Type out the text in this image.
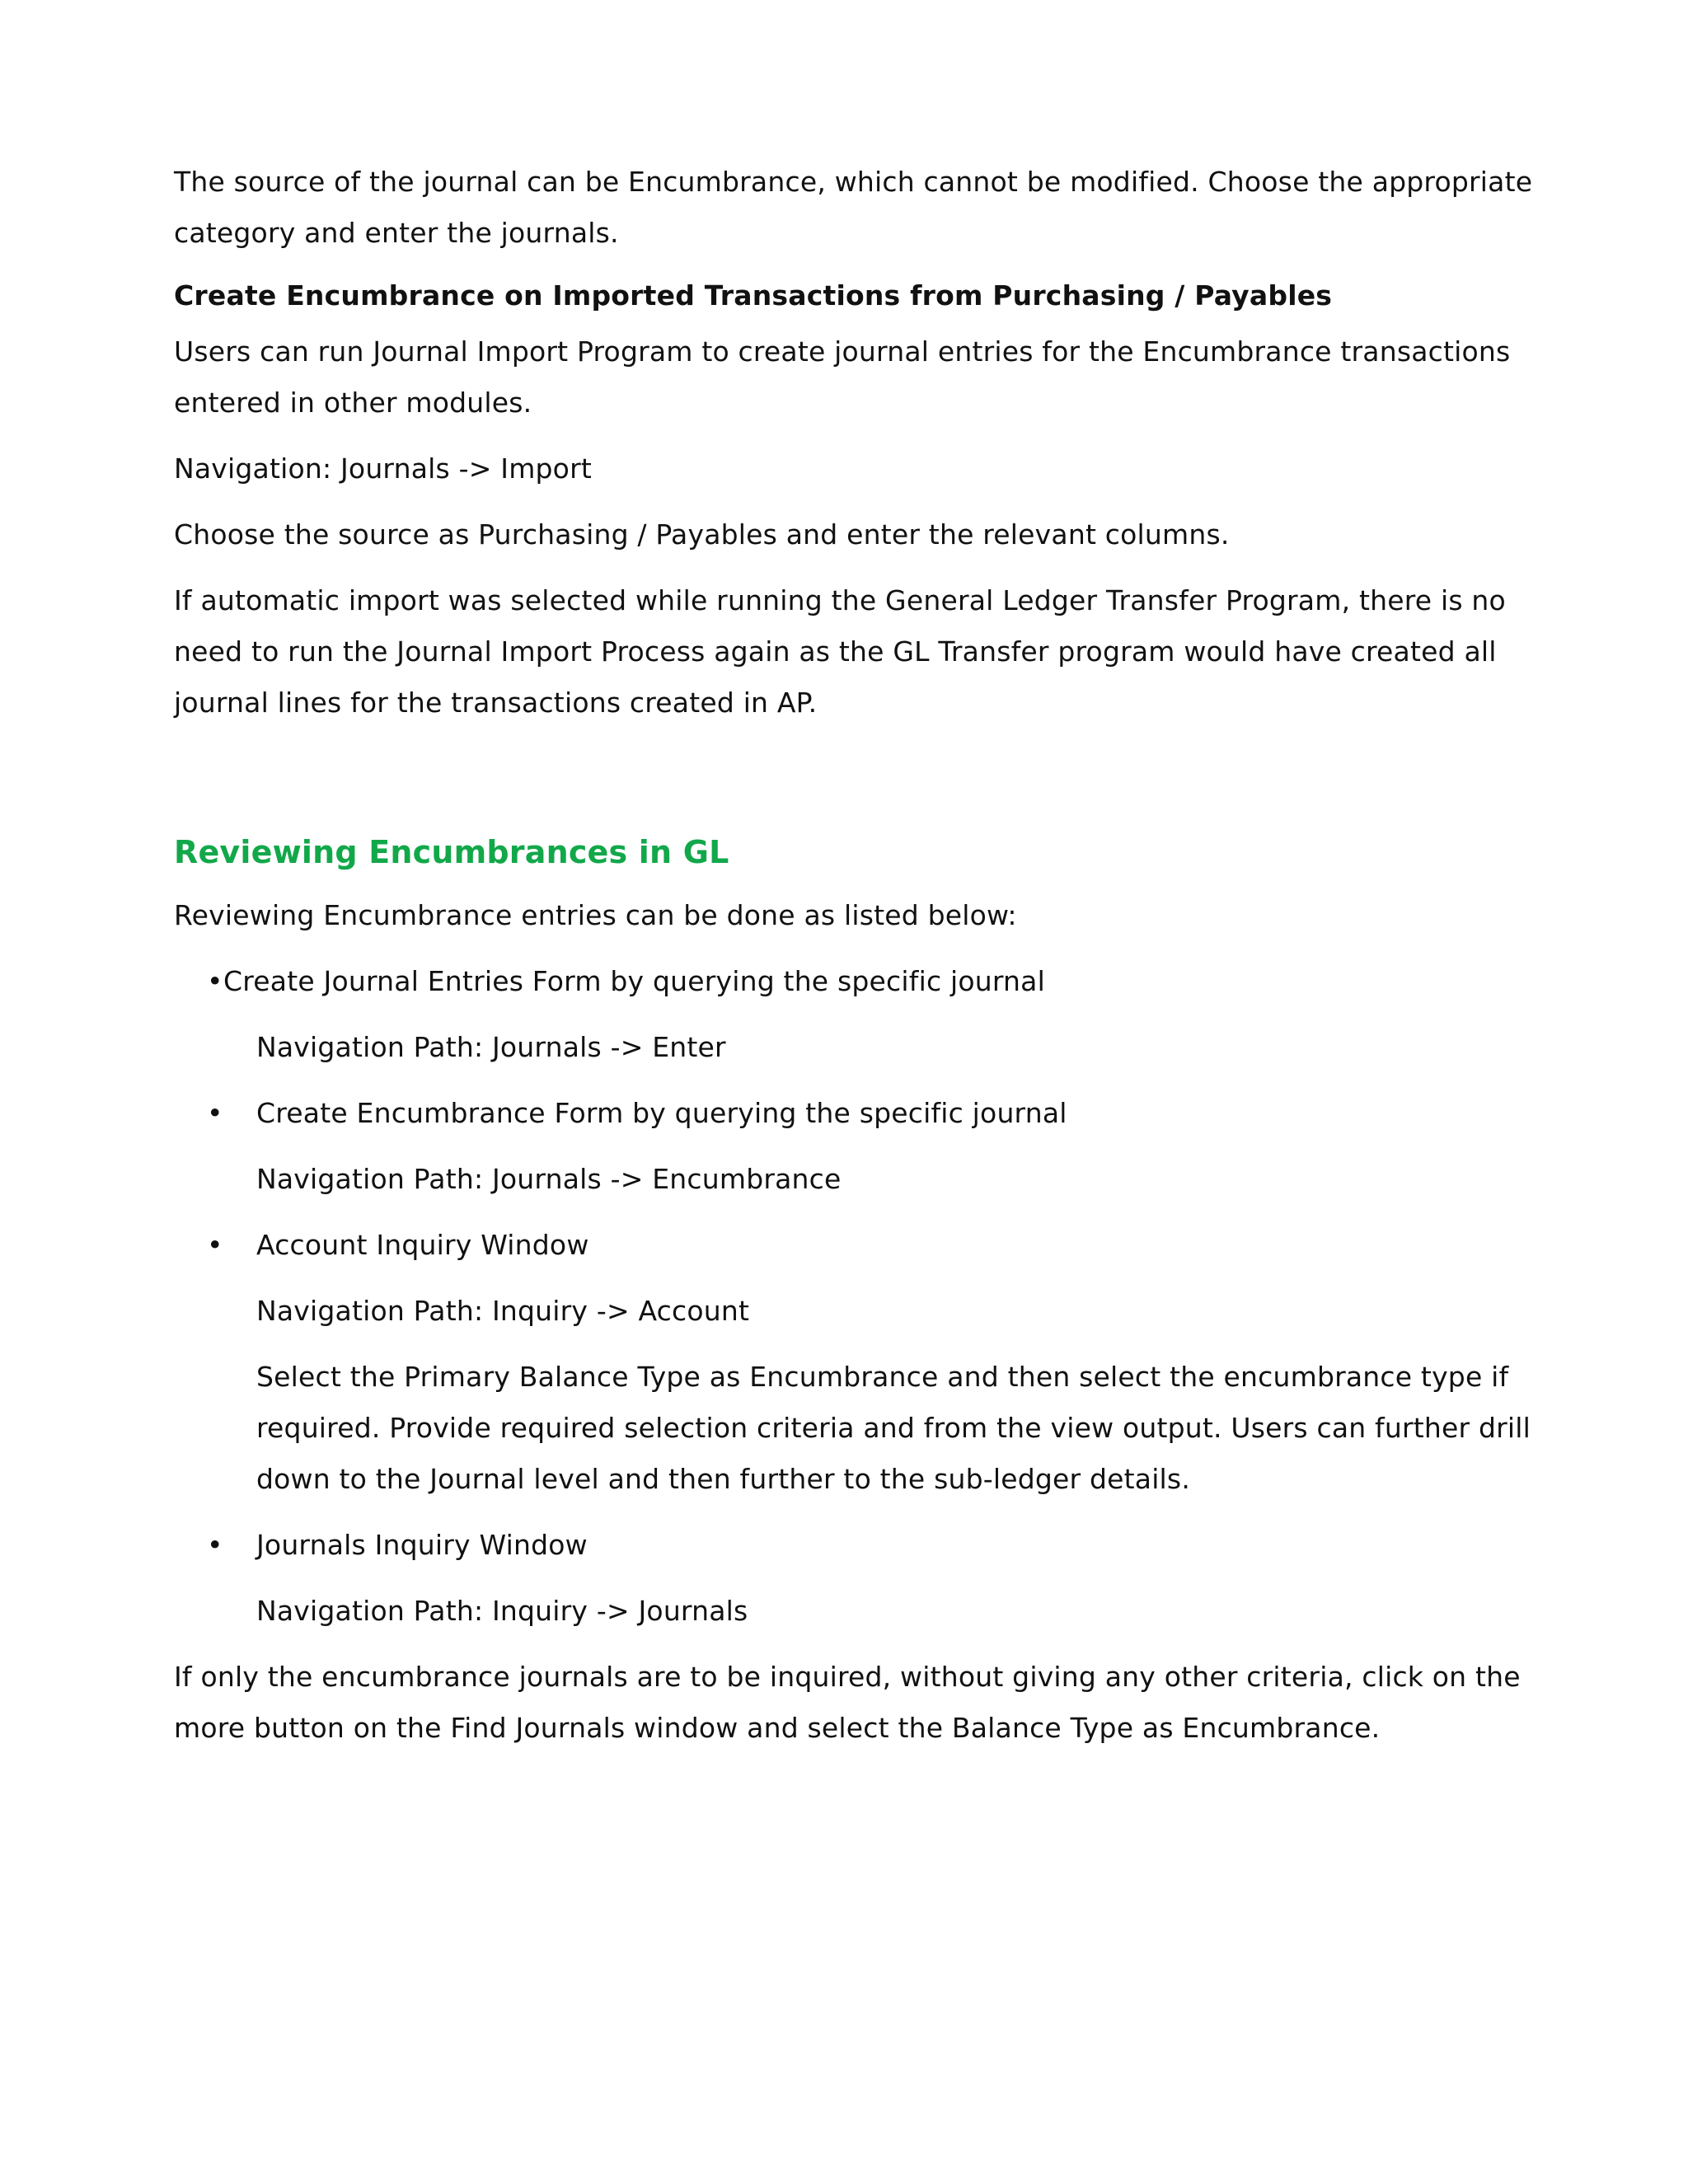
The source of the journal can be Encumbrance, which cannot be modified. Choose the appropriate category and enter the journals.

Create Encumbrance on Imported Transactions from Purchasing / Payables

Users can run Journal Import Program to create journal entries for the Encumbrance transactions entered in other modules.

Navigation: Journals -> Import

Choose the source as Purchasing / Payables and enter the relevant columns.

If automatic import was selected while running the General Ledger Transfer Program, there is no need to run the Journal Import Process again as the GL Transfer program would have created all journal lines for the transactions created in AP.

Reviewing Encumbrances in GL

Reviewing Encumbrance entries can be done as listed below:

• Create Journal Entries Form by querying the specific journal

Navigation Path: Journals -> Enter

• Create Encumbrance Form by querying the specific journal

Navigation Path: Journals -> Encumbrance

• Account Inquiry Window

Navigation Path: Inquiry -> Account

Select the Primary Balance Type as Encumbrance and then select the encumbrance type if required. Provide required selection criteria and from the view output. Users can further drill down to the Journal level and then further to the sub-ledger details.

• Journals Inquiry Window

Navigation Path: Inquiry -> Journals

If only the encumbrance journals are to be inquired, without giving any other criteria, click on the more button on the Find Journals window and select the Balance Type as Encumbrance.
